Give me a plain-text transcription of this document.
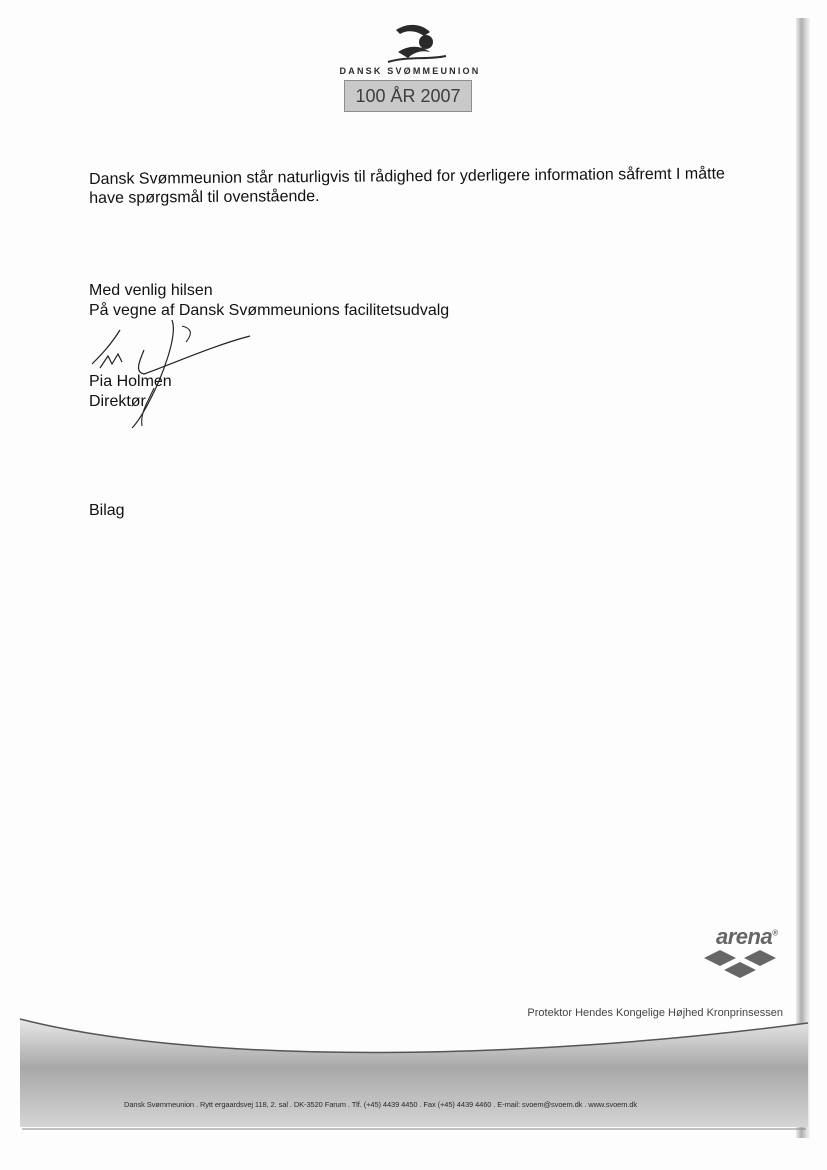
DANSK SVØMMEUNION
100 ÅR 2007
Dansk Svømmeunion står naturligvis til rådighed for yderligere information såfremt I måtte
have spørgsmål til ovenstående.
Med venlig hilsen
På vegne af Dansk Svømmeunions facilitetsudvalg
Pia Holmen
Direktør
Bilag
arena®
Protektor Hendes Kongelige Højhed Kronprinsessen
Dansk Svømmeunion . Rytt ergaardsvej 118, 2. sal . DK-3520 Farum . Tlf. (+45) 4439 4450 . Fax (+45) 4439 4460 . E-mail: svoem@svoem.dk . www.svoem.dk
